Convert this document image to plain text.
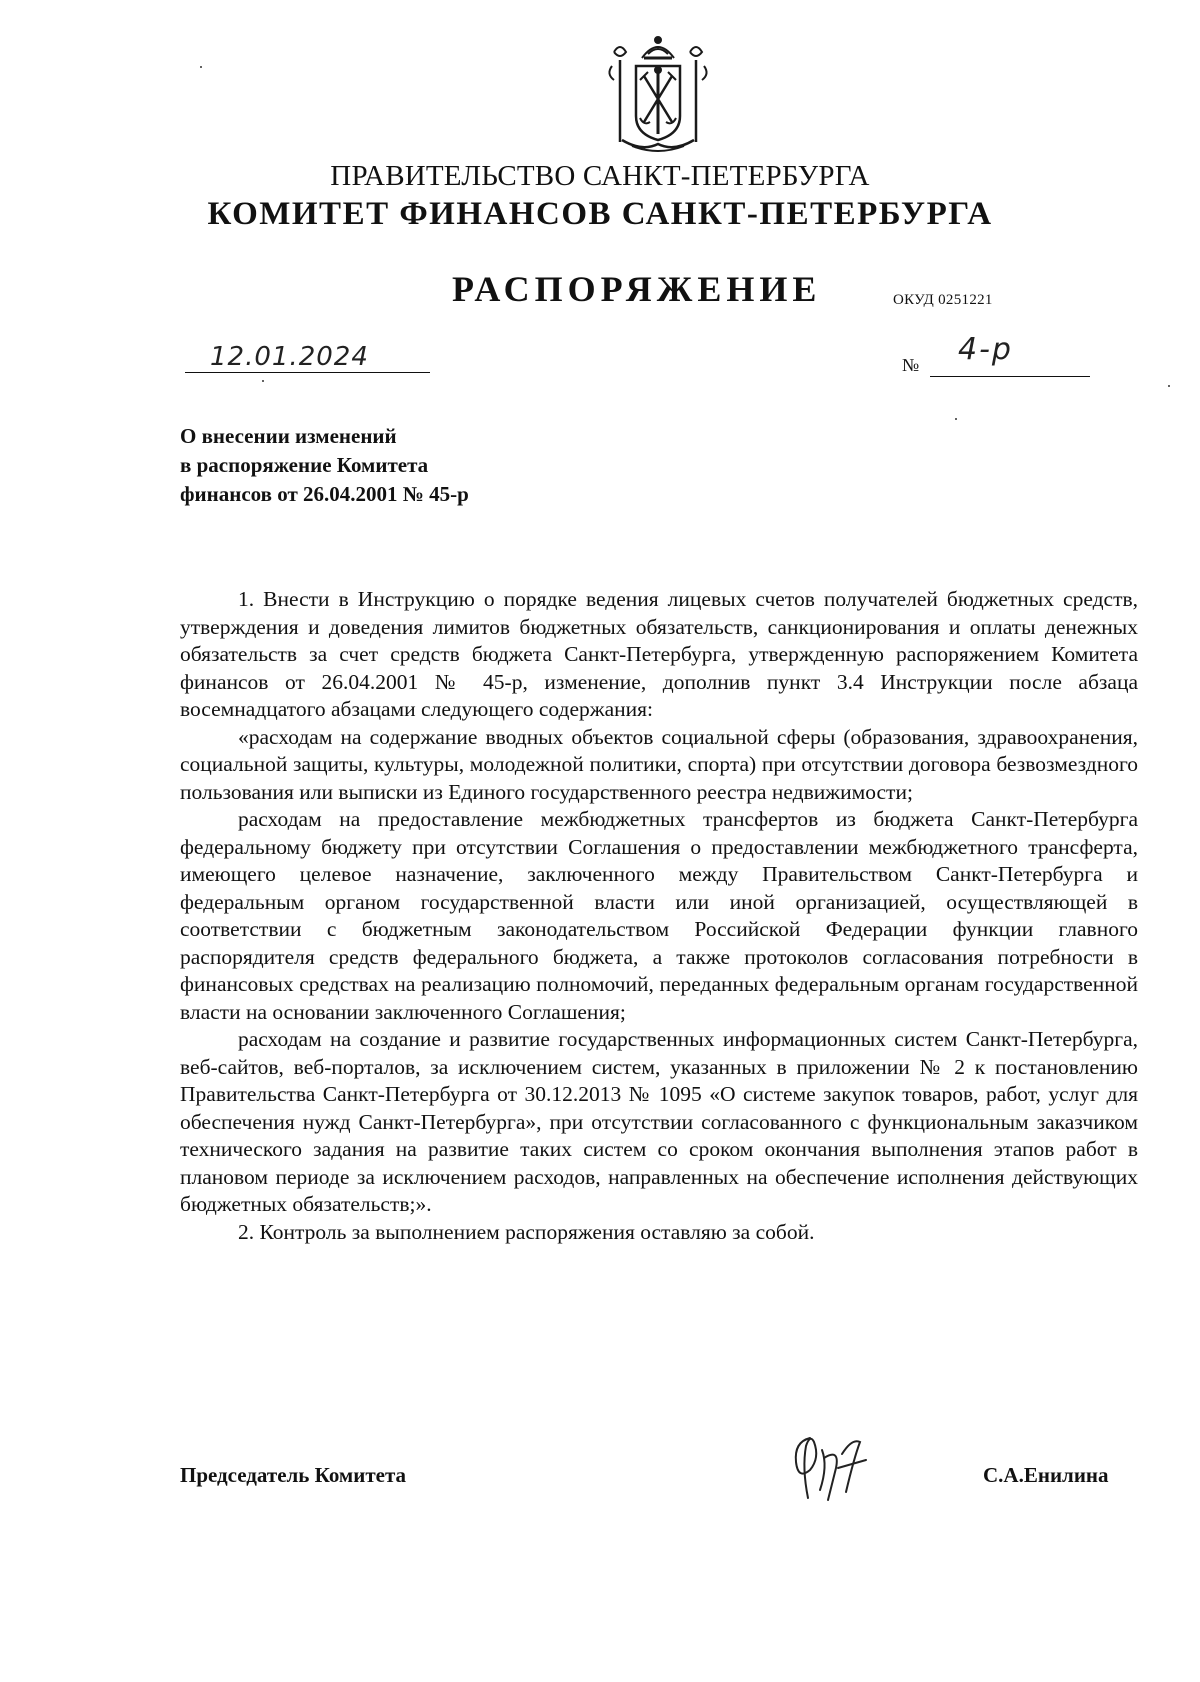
ПРАВИТЕЛЬСТВО САНКТ-ПЕТЕРБУРГА
КОМИТЕТ ФИНАНСОВ САНКТ-ПЕТЕРБУРГА
РАСПОРЯЖЕНИЕ	ОКУД 0251221
12.01.2024	№ 4-р
О внесении изменений
в распоряжение Комитета
финансов от 26.04.2001 № 45-р

1. Внести в Инструкцию о порядке ведения лицевых счетов получателей бюджетных средств, утверждения и доведения лимитов бюджетных обязательств, санкционирования и оплаты денежных обязательств за счет средств бюджета Санкт-Петербурга, утвержденную распоряжением Комитета финансов от 26.04.2001 № 45-р, изменение, дополнив пункт 3.4 Инструкции после абзаца восемнадцатого абзацами следующего содержания:

«расходам на содержание вводных объектов социальной сферы (образования, здравоохранения, социальной защиты, культуры, молодежной политики, спорта) при отсутствии договора безвозмездного пользования или выписки из Единого государственного реестра недвижимости;

расходам на предоставление межбюджетных трансфертов из бюджета Санкт-Петербурга федеральному бюджету при отсутствии Соглашения о предоставлении межбюджетного трансферта, имеющего целевое назначение, заключенного между Правительством Санкт-Петербурга и федеральным органом государственной власти или иной организацией, осуществляющей в соответствии с бюджетным законодательством Российской Федерации функции главного распорядителя средств федерального бюджета, а также протоколов согласования потребности в финансовых средствах на реализацию полномочий, переданных федеральным органам государственной власти на основании заключенного Соглашения;

расходам на создание и развитие государственных информационных систем Санкт-Петербурга, веб-сайтов, веб-порталов, за исключением систем, указанных в приложении № 2 к постановлению Правительства Санкт-Петербурга от 30.12.2013 № 1095 «О системе закупок товаров, работ, услуг для обеспечения нужд Санкт-Петербурга», при отсутствии согласованного с функциональным заказчиком технического задания на развитие таких систем со сроком окончания выполнения этапов работ в плановом периоде за исключением расходов, направленных на обеспечение исполнения действующих бюджетных обязательств;».

2. Контроль за выполнением распоряжения оставляю за собой.

Председатель Комитета	С.А.Енилина
